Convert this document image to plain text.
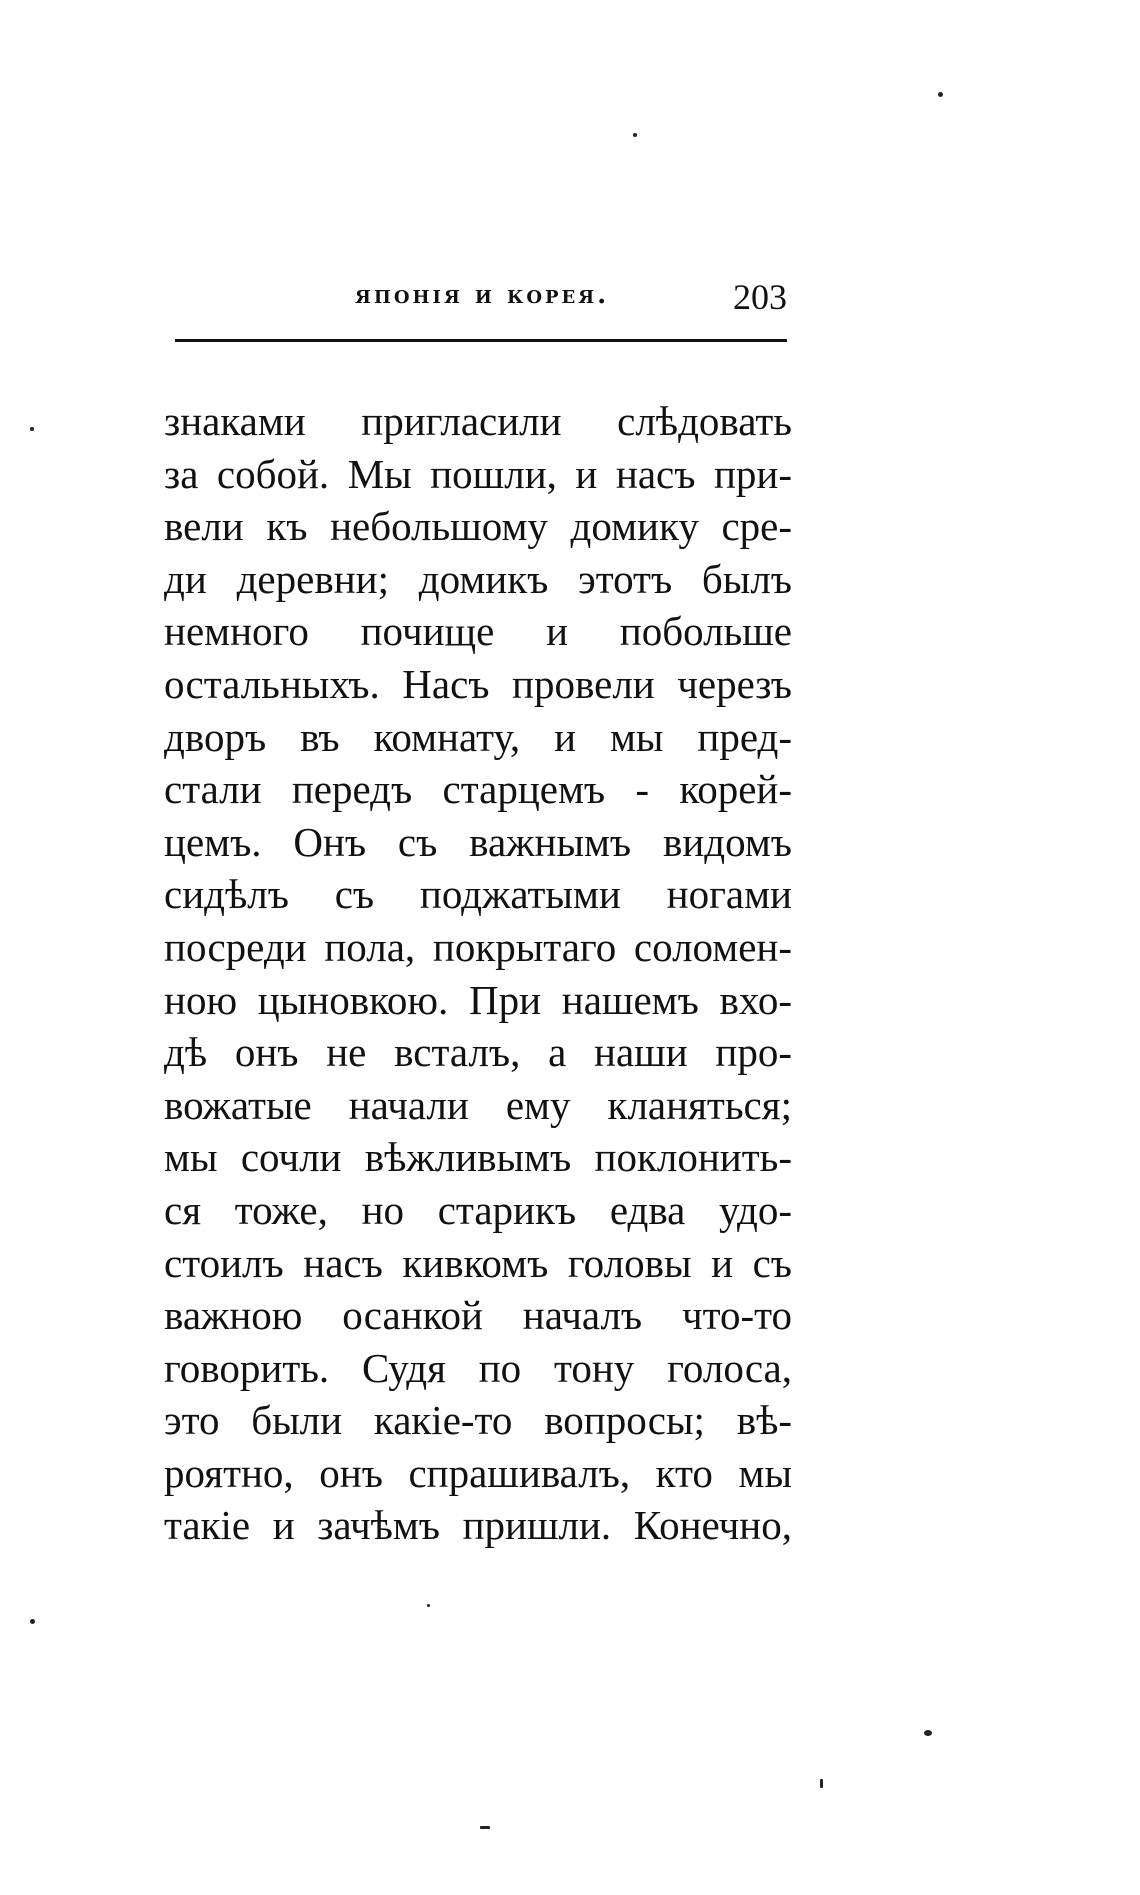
японія и корея.	203
знаками пригласили слѣдовать
за собой. Мы пошли, и насъ при-
вели къ небольшому домику сре-
ди деревни; домикъ этотъ былъ
немного почище и побольше
остальныхъ. Насъ провели черезъ
дворъ въ комнату, и мы пред-
стали передъ старцемъ - корей-
цемъ. Онъ съ важнымъ видомъ
сидѣлъ съ поджатыми ногами
посреди пола, покрытаго соломен-
ною цыновкою. При нашемъ вхо-
дѣ онъ не всталъ, а наши про-
вожатые начали ему кланяться;
мы сочли вѣжливымъ поклонить-
ся тоже, но старикъ едва удо-
стоилъ насъ кивкомъ головы и съ
важною осанкой началъ что-то
говорить. Судя по тону голоса,
это были какіе-то вопросы; вѣ-
роятно, онъ спрашивалъ, кто мы
такіе и зачѣмъ пришли. Конечно,
